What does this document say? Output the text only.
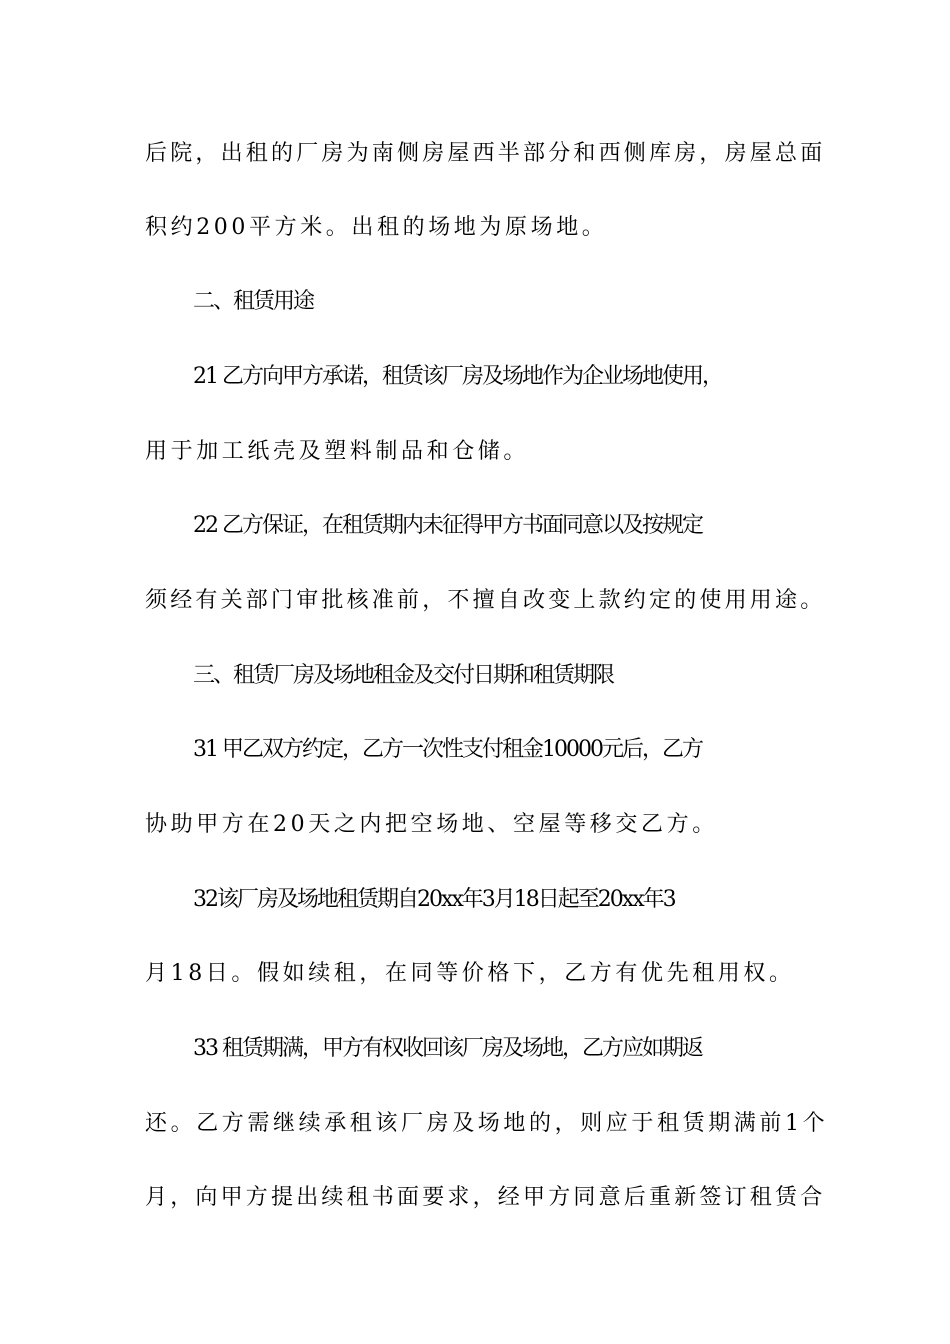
后院，出租的厂房为南侧房屋西半部分和西侧库房，房屋总面
积约200平方米。出租的场地为原场地。
二、租赁用途
21 乙方向甲方承诺，租赁该厂房及场地作为企业场地使用，
用于加工纸壳及塑料制品和仓储。
22 乙方保证，在租赁期内未征得甲方书面同意以及按规定
须经有关部门审批核准前，不擅自改变上款约定的使用用途。
三、租赁厂房及场地租金及交付日期和租赁期限
31 甲乙双方约定，乙方一次性支付租金10000元后，乙方
协助甲方在20天之内把空场地、空屋等移交乙方。
32该厂房及场地租赁期自20xx年3月18日起至20xx年3
月18日。假如续租，在同等价格下，乙方有优先租用权。
33 租赁期满，甲方有权收回该厂房及场地，乙方应如期返
还。乙方需继续承租该厂房及场地的，则应于租赁期满前1个
月，向甲方提出续租书面要求，经甲方同意后重新签订租赁合
